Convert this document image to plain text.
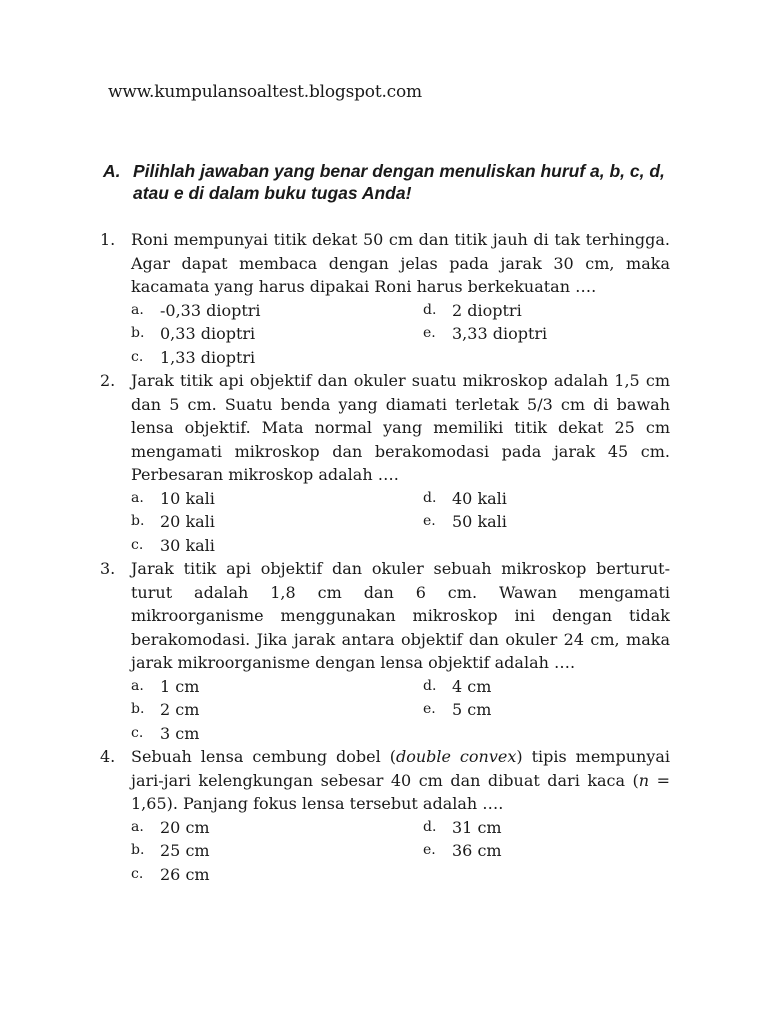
www.kumpulansoaltest.blogspot.com
A. Pilihlah jawaban yang benar dengan menuliskan huruf a, b, c, d, atau e di dalam buku tugas Anda!
1. Roni mempunyai titik dekat 50 cm dan titik jauh di tak terhingga. Agar dapat membaca dengan jelas pada jarak 30 cm, maka kacamata yang harus dipakai Roni harus berkekuatan ….
a. -0,33 dioptri	d. 2 dioptri
b. 0,33 dioptri	e. 3,33 dioptri
c. 1,33 dioptri
2. Jarak titik api objektif dan okuler suatu mikroskop adalah 1,5 cm dan 5 cm. Suatu benda yang diamati terletak 5/3 cm di bawah lensa objektif. Mata normal yang memiliki titik dekat 25 cm mengamati mikroskop dan berakomodasi pada jarak 45 cm. Perbesaran mikroskop adalah ….
a. 10 kali	d. 40 kali
b. 20 kali	e. 50 kali
c. 30 kali
3. Jarak titik api objektif dan okuler sebuah mikroskop berturut-turut adalah 1,8 cm dan 6 cm. Wawan mengamati mikroorganisme menggunakan mikroskop ini dengan tidak berakomodasi. Jika jarak antara objektif dan okuler 24 cm, maka jarak mikroorganisme dengan lensa objektif adalah ….
a. 1 cm	d. 4 cm
b. 2 cm	e. 5 cm
c. 3 cm
4. Sebuah lensa cembung dobel (double convex) tipis mempunyai jari-jari kelengkungan sebesar 40 cm dan dibuat dari kaca (n = 1,65). Panjang fokus lensa tersebut adalah ….
a. 20 cm	d. 31 cm
b. 25 cm	e. 36 cm
c. 26 cm
